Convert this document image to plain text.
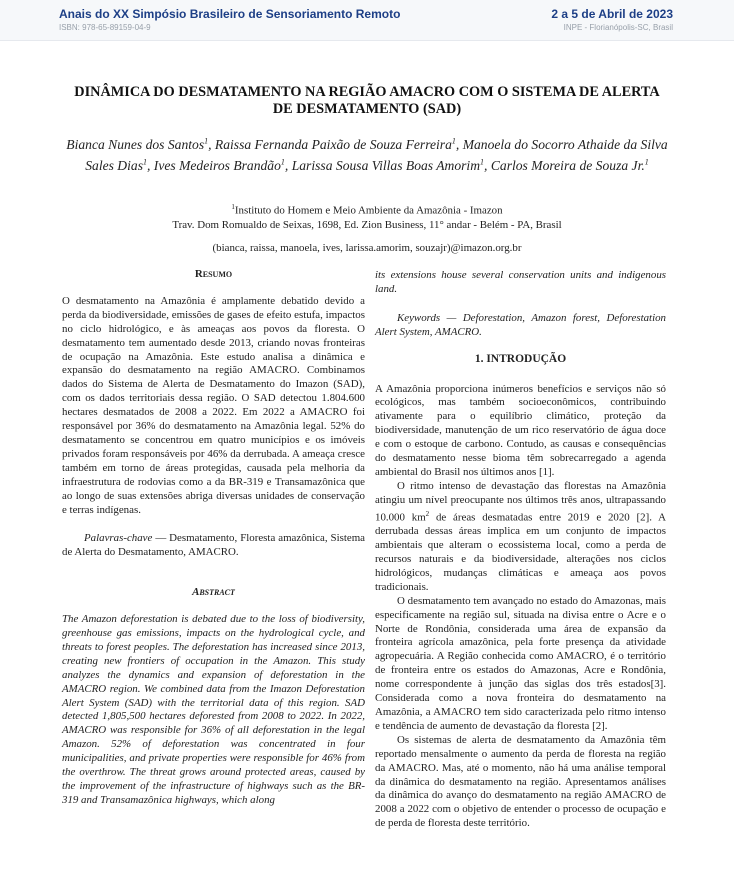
Anais do XX Simpósio Brasileiro de Sensoriamento Remoto
ISBN: 978-65-89159-04-9
2 a 5 de Abril de 2023
INPE - Florianópolis-SC, Brasil
DINÂMICA DO DESMATAMENTO NA REGIÃO AMACRO COM O SISTEMA DE ALERTA
DE DESMATAMENTO (SAD)
Bianca Nunes dos Santos$^1$, Raissa Fernanda Paixão de Souza Ferreira$^1$, Manoela do Socorro Athaide da Silva Sales Dias$^1$, Ives Medeiros Brandão$^1$, Larissa Sousa Villas Boas Amorim$^1$, Carlos Moreira de Souza Jr.$^1$
$^1$Instituto do Homem e Meio Ambiente da Amazônia - Imazon
Trav. Dom Romualdo de Seixas, 1698, Ed. Zion Business, 11° andar - Belém - PA, Brasil
(bianca, raissa, manoela, ives, larissa.amorim, souzajr)@imazon.org.br
Resumo

O desmatamento na Amazônia é amplamente debatido devido a perda da biodiversidade, emissões de gases de efeito estufa, impactos no ciclo hidrológico, e às ameaças aos povos da floresta. O desmatamento tem aumentado desde 2013, criando novas fronteiras de ocupação na Amazônia. Este estudo analisa a dinâmica e expansão do desmatamento na região AMACRO. Combinamos dados do Sistema de Alerta de Desmatamento do Imazon (SAD), com os dados territoriais dessa região. O SAD detectou 1.804.600 hectares desmatados de 2008 a 2022. Em 2022 a AMACRO foi responsável por 36% do desmatamento na Amazônia legal. 52% do desmatamento se concentrou em quatro municípios e os imóveis privados foram responsáveis por 46% da derrubada. A ameaça cresce também em torno de áreas protegidas, causada pela melhoria da infraestrutura de rodovias como a da BR-319 e Transamazônica que ao longo de suas extensões abriga diversas unidades de conservação e terras indígenas.

Palavras-chave — Desmatamento, Floresta amazônica, Sistema de Alerta do Desmatamento, AMACRO.

Abstract

The Amazon deforestation is debated due to the loss of biodiversity, greenhouse gas emissions, impacts on the hydrological cycle, and threats to forest peoples. The deforestation has increased since 2013, creating new frontiers of occupation in the Amazon. This study analyzes the dynamics and expansion of deforestation in the AMACRO region. We combined data from the Imazon Deforestation Alert System (SAD) with the territorial data of this region. SAD detected 1,805,500 hectares deforested from 2008 to 2022. In 2022, AMACRO was responsible for 36% of all deforestation in the legal Amazon. 52% of deforestation was concentrated in four municipalities, and private properties were responsible for 46% from the overthrow. The threat grows around protected areas, caused by the improvement of the infrastructure of highways such as the BR-319 and Transamazônica highways, which along

its extensions house several conservation units and indigenous land.

Keywords — Deforestation, Amazon forest, Deforestation Alert System, AMACRO.

1. INTRODUÇÃO

A Amazônia proporciona inúmeros benefícios e serviços não só ecológicos, mas também socioeconômicos, contribuindo ativamente para o equilíbrio climático, proteção da biodiversidade, manutenção de um rico reservatório de água doce e com o estoque de carbono. Contudo, as causas e consequências do desmatamento nesse bioma têm sobrecarregado a agenda ambiental do Brasil nos últimos anos [1].

O ritmo intenso de devastação das florestas na Amazônia atingiu um nível preocupante nos últimos três anos, ultrapassando 10.000 $km^2$ de áreas desmatadas entre 2019 e 2020 [2]. A derrubada dessas áreas implica em um conjunto de impactos ambientais que alteram o ecossistema local, como a perda de recursos naturais e da biodiversidade, alterações nos ciclos hidrológicos, mudanças climáticas e ameaça aos povos tradicionais.

O desmatamento tem avançado no estado do Amazonas, mais especificamente na região sul, situada na divisa entre o Acre e o Norte de Rondônia, considerada uma área de expansão da fronteira agrícola amazônica, pela forte presença da atividade agropecuária. A Região conhecida como AMACRO, é o território de fronteira entre os estados do Amazonas, Acre e Rondônia, nome correspondente à junção das siglas dos três estados[3]. Considerada como a nova fronteira do desmatamento na Amazônia, a AMACRO tem sido caracterizada pelo ritmo intenso e tendência de aumento de devastação da floresta [2].

Os sistemas de alerta de desmatamento da Amazônia têm reportado mensalmente o aumento da perda de floresta na região da AMACRO. Mas, até o momento, não há uma análise temporal da dinâmica do desmatamento na região. Apresentamos análises da dinâmica do avanço do desmatamento na região AMACRO de 2008 a 2022 com o objetivo de entender o processo de ocupação e de perda de floresta deste território.
